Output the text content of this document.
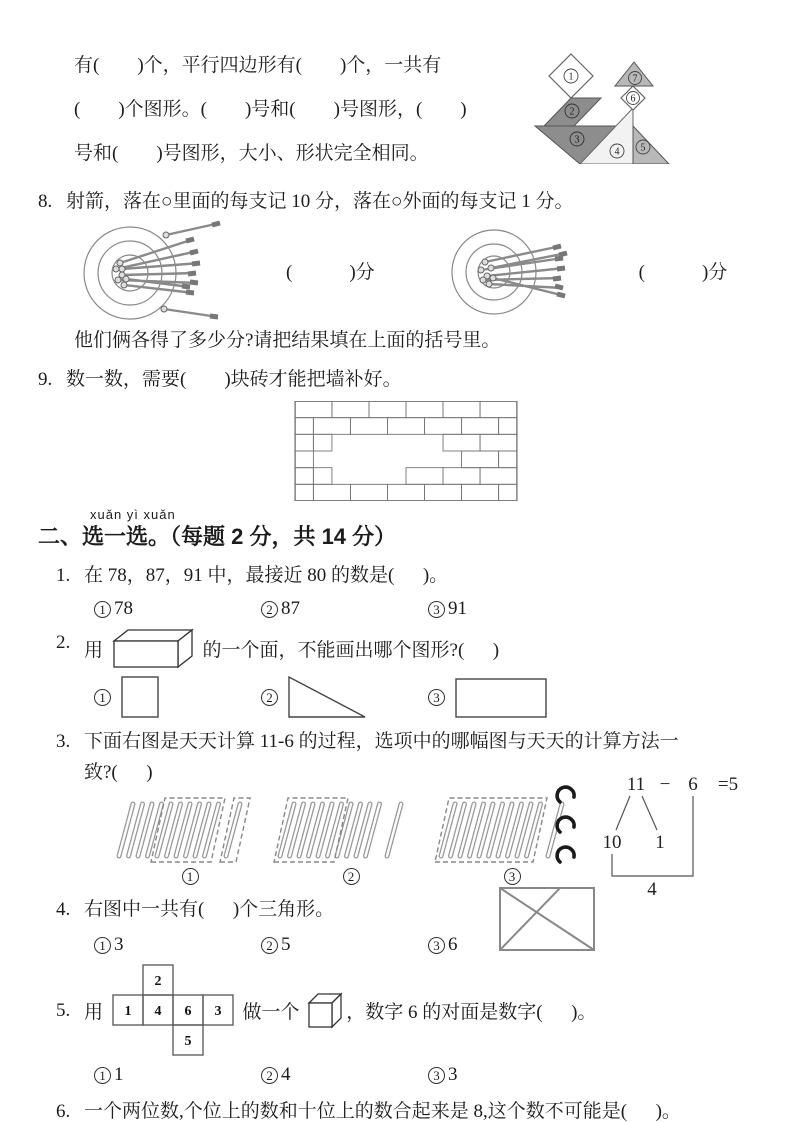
有(        )个，平行四边形有(        )个，一共有
(        )个图形。(        )号和(        )号图形，(        )
号和(        )号图形，大小、形状完全相同。
1
2
3
4 5
6
7
8. 射箭，落在○里面的每支记 10 分，落在○外面的每支记 1 分。
(            )分	(            )分
他们俩各得了多少分?请把结果填在上面的括号里。
9. 数一数，需要(        )块砖才能把墙补好。
xuǎn yì xuǎn
二、选一选。（每题 2 分，共 14 分）
1. 在 78，87，91 中，最接近 80 的数是(      )。
1 78	2 87	3 91
2. 用	的一个面，不能画出哪个图形?(      )
1	2	3
3. 下面右图是天天计算 11-6 的过程，选项中的哪幅图与天天的计算方法一
致?(      )
11 − 6 =5
10 1
4
1	2	3
4. 右图中一共有(      )个三角形。
1 3	2 5	3 6
5. 用 1 4 6 3
2
5
做一个 ，数字 6 的对面是数字(      )。
1 1	2 4	3 3
6. 一个两位数,个位上的数和十位上的数合起来是 8,这个数不可能是(      )。
